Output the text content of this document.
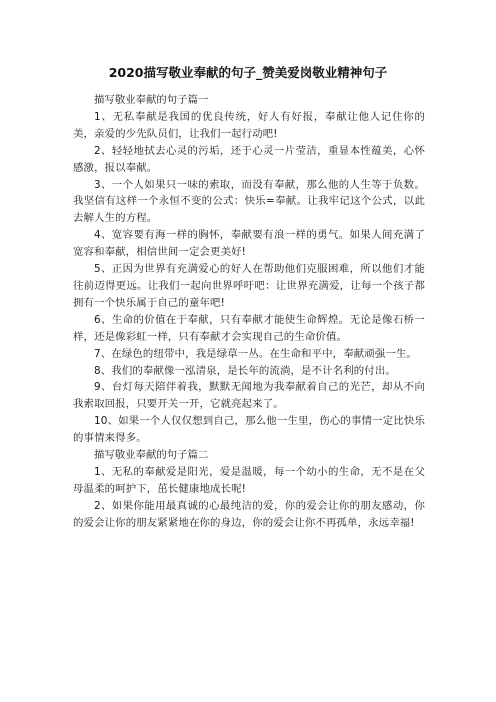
2020描写敬业奉献的句子_赞美爱岗敬业精神句子

描写敬业奉献的句子篇一

1、无私奉献是我国的优良传统，好人有好报，奉献让他人记住你的美，亲爱的少先队员们，让我们一起行动吧!

2、轻轻地拭去心灵的污垢，还于心灵一片莹洁，重显本性蕴美，心怀感激，报以奉献。

3、一个人如果只一味的索取，而没有奉献，那么他的人生等于负数。我坚信有这样一个永恒不变的公式：快乐=奉献。让我牢记这个公式，以此去解人生的方程。

4、宽容要有海一样的胸怀，奉献要有浪一样的勇气。如果人间充满了宽容和奉献，相信世间一定会更美好!

5、正因为世界有充满爱心的好人在帮助他们克服困难，所以他们才能往前迈得更远。让我们一起向世界呼吁吧：让世界充满爱，让每一个孩子都拥有一个快乐属于自己的童年吧!

6、生命的价值在于奉献，只有奉献才能使生命辉煌。无论是像石桥一样，还是像彩虹一样，只有奉献才会实现自己的生命价值。

7、在绿色的纽带中，我是绿草一丛。在生命和平中，奉献顽强一生。

8、我们的奉献像一泓清泉，是长年的流淌，是不计名利的付出。

9、台灯每天陪伴着我，默默无闻地为我奉献着自己的光芒，却从不向我索取回报，只要开关一开，它就亮起来了。

10、如果一个人仅仅想到自己，那么他一生里，伤心的事情一定比快乐的事情来得多。

描写敬业奉献的句子篇二

1、无私的奉献爱是阳光，爱是温暖，每一个幼小的生命，无不是在父母温柔的呵护下，茁长健康地成长呢!

2、如果你能用最真诚的心最纯洁的爱，你的爱会让你的朋友感动，你的爱会让你的朋友紧紧地在你的身边，你的爱会让你不再孤单，永远幸福!
